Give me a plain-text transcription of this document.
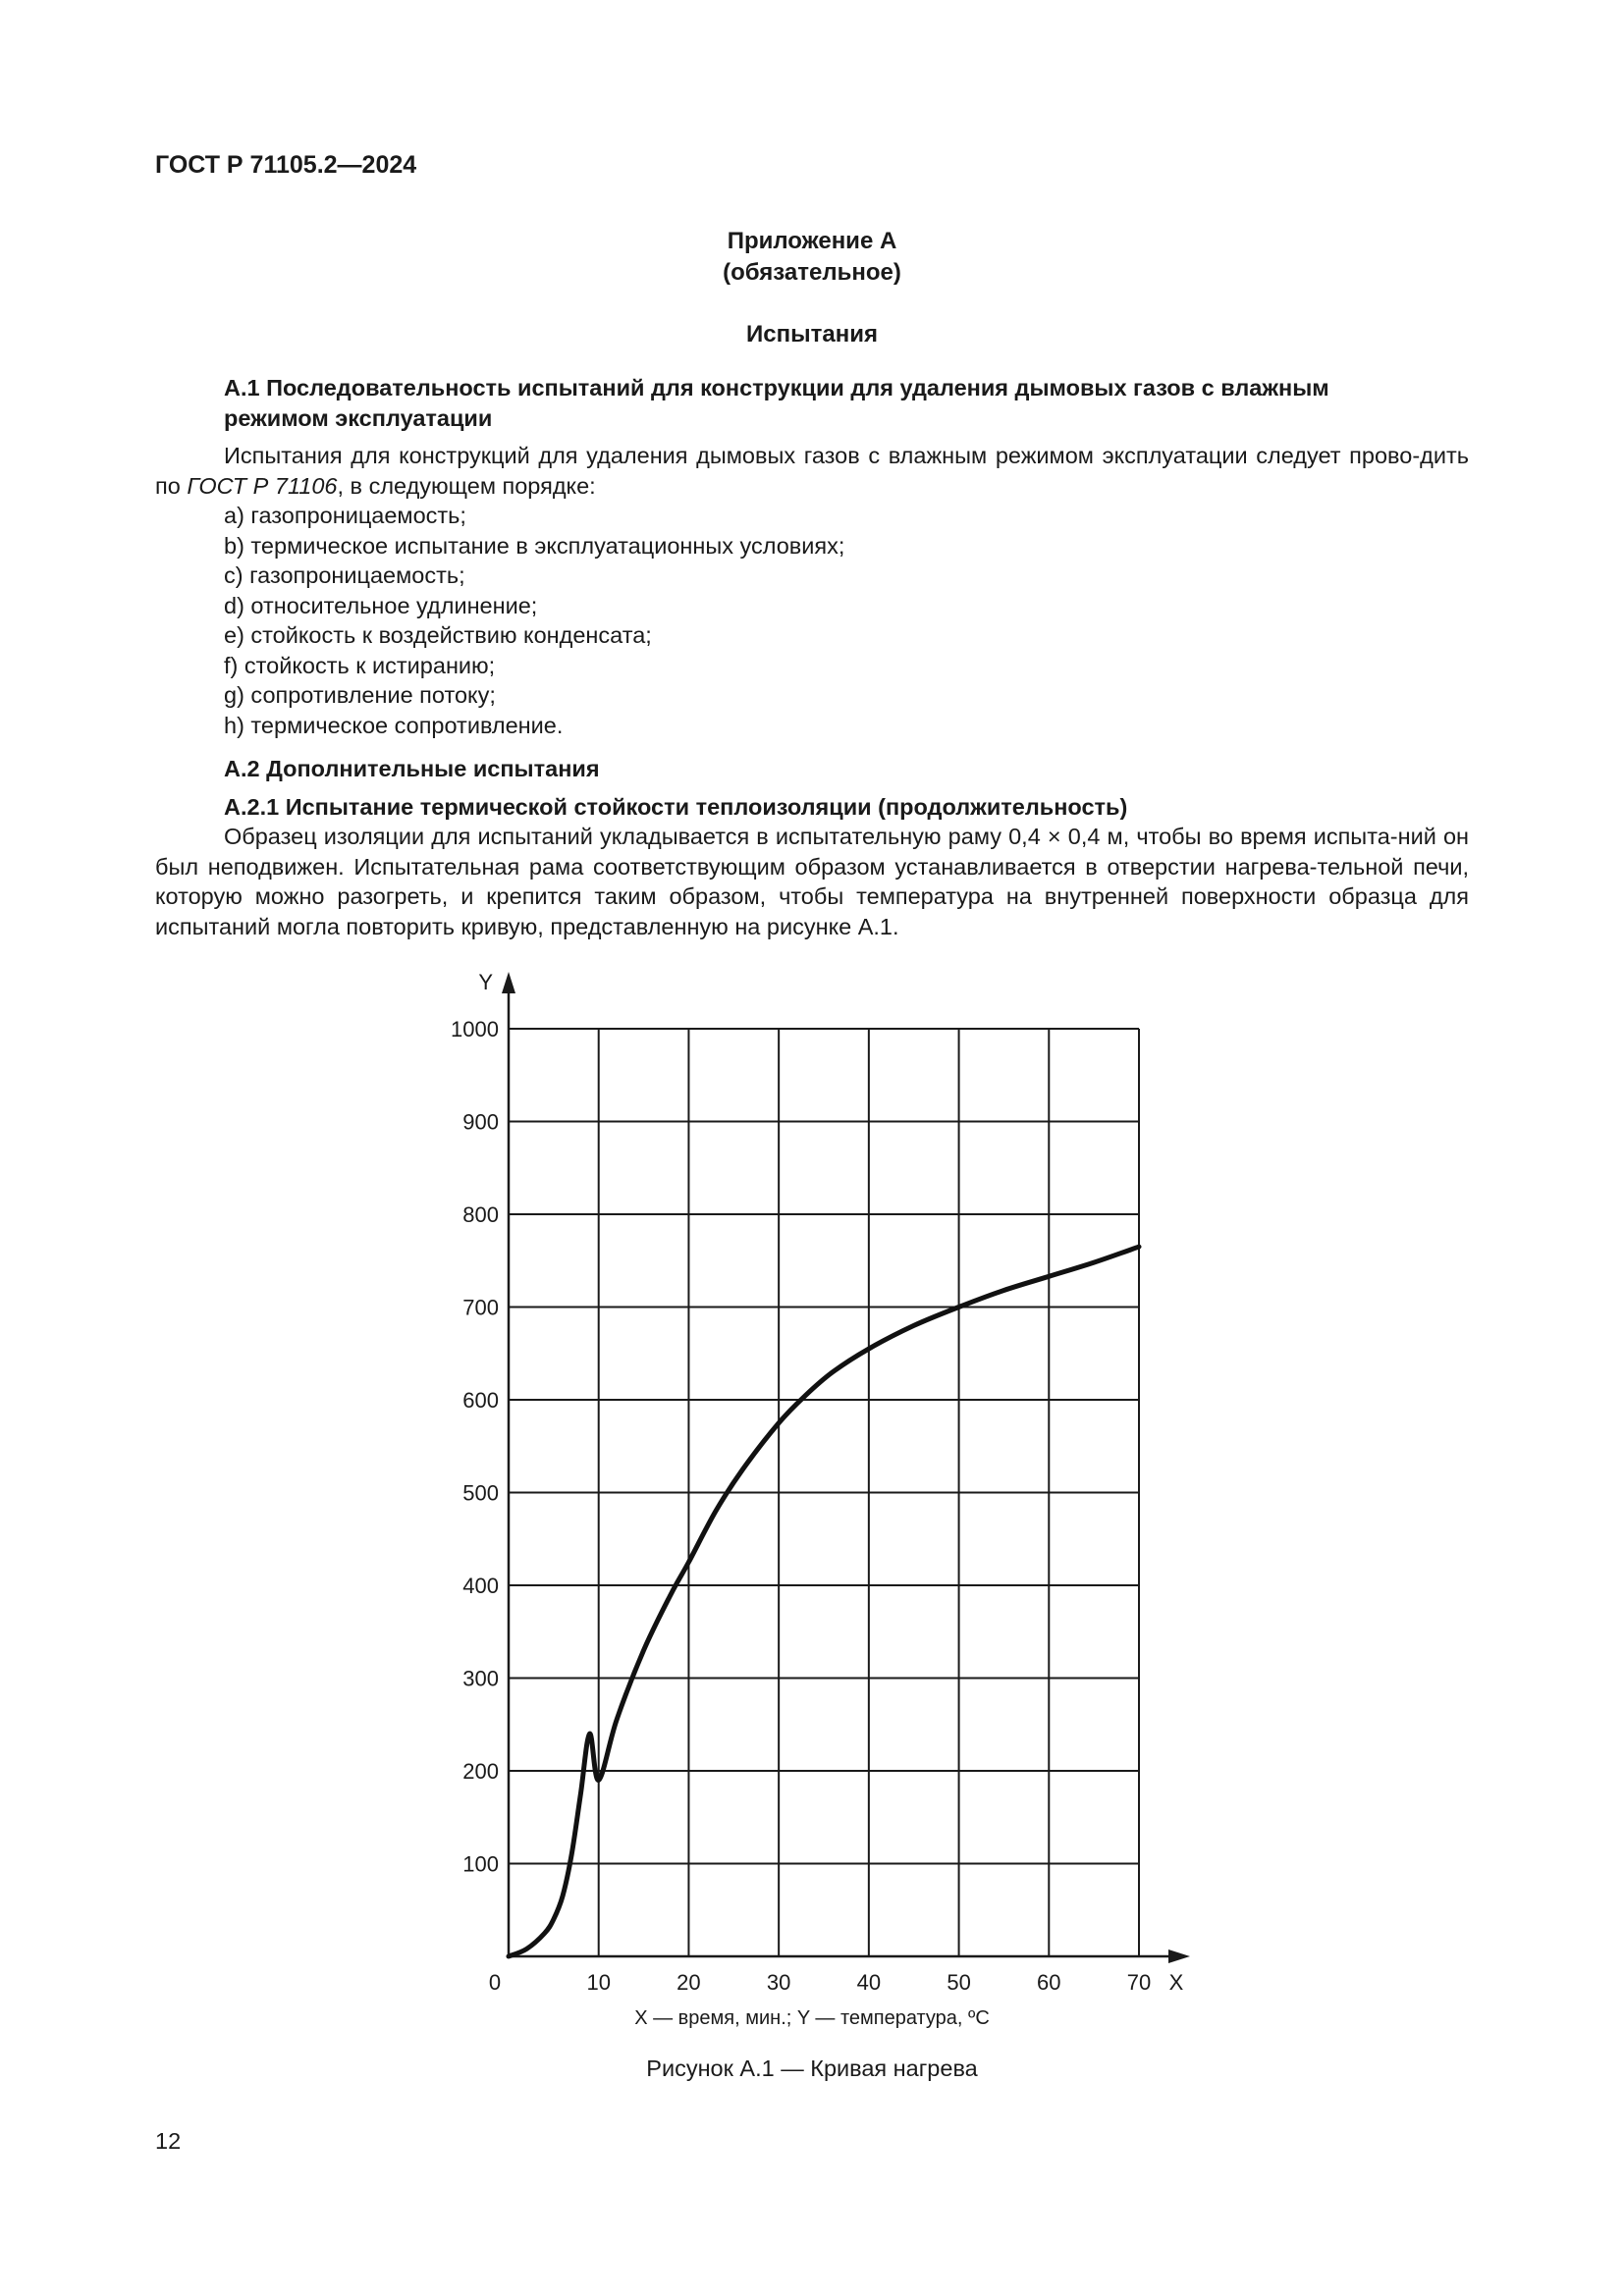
ГОСТ Р 71105.2—2024
Приложение А
(обязательное)
Испытания

А.1 Последовательность испытаний для конструкции для удаления дымовых газов с влажным
режимом эксплуатации

Испытания для конструкций для удаления дымовых газов с влажным режимом эксплуатации следует прово-дить по ГОСТ Р 71106, в следующем порядке:

a) газопроницаемость;
b) термическое испытание в эксплуатационных условиях;
c) газопроницаемость;
d) относительное удлинение;
e) стойкость к воздействию конденсата;
f) стойкость к истиранию;
g) сопротивление потоку;
h) термическое сопротивление.

А.2 Дополнительные испытания

А.2.1 Испытание термической стойкости теплоизоляции (продолжительность)

Образец изоляции для испытаний укладывается в испытательную раму 0,4 × 0,4 м, чтобы во время испыта-ний он был неподвижен. Испытательная рама соответствующим образом устанавливается в отверстии нагрева-тельной печи, которую можно разогреть, и крепится таким образом, чтобы температура на внутренней поверхности образца для испытаний могла повторить кривую, представленную на рисунке А.1.

100
200
300
400
500
600
700
800
900
1000
0	10	20	30	40	50	60	70
Y
X
X — время, мин.; Y — температура, ºС
Рисунок А.1 — Кривая нагрева
12
